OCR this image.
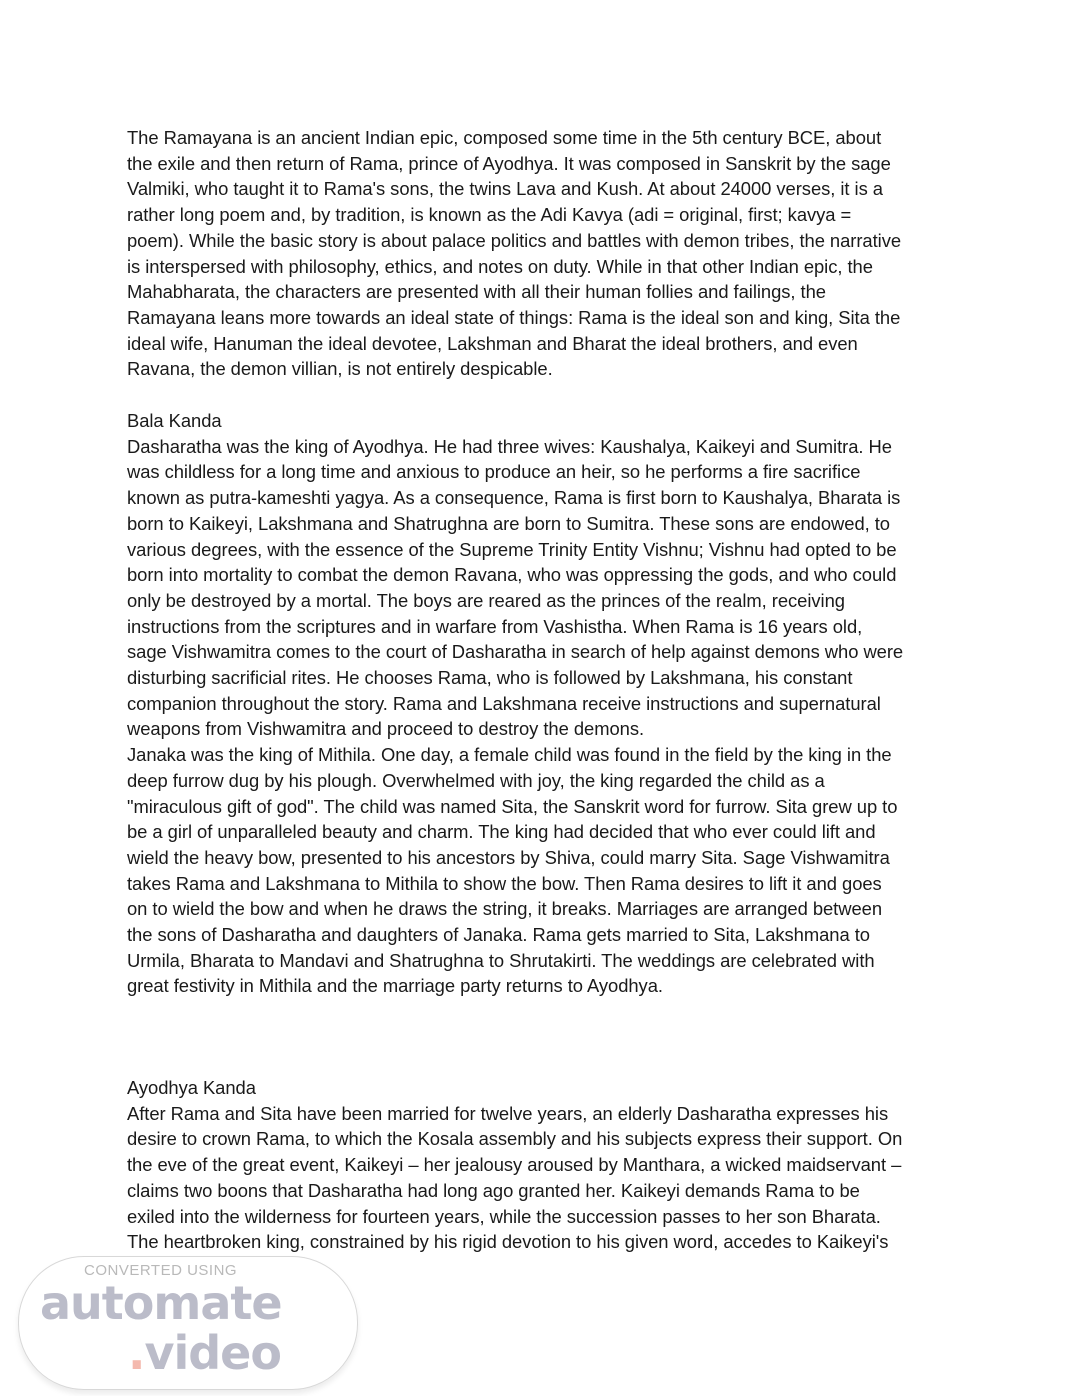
The Ramayana is an ancient Indian epic, composed some time in the 5th century BCE, about
the exile and then return of Rama, prince of Ayodhya. It was composed in Sanskrit by the sage
Valmiki, who taught it to Rama's sons, the twins Lava and Kush. At about 24000 verses, it is a
rather long poem and, by tradition, is known as the Adi Kavya (adi = original, first; kavya =
poem). While the basic story is about palace politics and battles with demon tribes, the narrative
is interspersed with philosophy, ethics, and notes on duty. While in that other Indian epic, the
Mahabharata, the characters are presented with all their human follies and failings, the
Ramayana leans more towards an ideal state of things: Rama is the ideal son and king, Sita the
ideal wife, Hanuman the ideal devotee, Lakshman and Bharat the ideal brothers, and even
Ravana, the demon villian, is not entirely despicable.
Bala Kanda
Dasharatha was the king of Ayodhya. He had three wives: Kaushalya, Kaikeyi and Sumitra. He
was childless for a long time and anxious to produce an heir, so he performs a fire sacrifice
known as putra-kameshti yagya. As a consequence, Rama is first born to Kaushalya, Bharata is
born to Kaikeyi, Lakshmana and Shatrughna are born to Sumitra. These sons are endowed, to
various degrees, with the essence of the Supreme Trinity Entity Vishnu; Vishnu had opted to be
born into mortality to combat the demon Ravana, who was oppressing the gods, and who could
only be destroyed by a mortal. The boys are reared as the princes of the realm, receiving
instructions from the scriptures and in warfare from Vashistha. When Rama is 16 years old,
sage Vishwamitra comes to the court of Dasharatha in search of help against demons who were
disturbing sacrificial rites. He chooses Rama, who is followed by Lakshmana, his constant
companion throughout the story. Rama and Lakshmana receive instructions and supernatural
weapons from Vishwamitra and proceed to destroy the demons.
Janaka was the king of Mithila. One day, a female child was found in the field by the king in the
deep furrow dug by his plough. Overwhelmed with joy, the king regarded the child as a
"miraculous gift of god". The child was named Sita, the Sanskrit word for furrow. Sita grew up to
be a girl of unparalleled beauty and charm. The king had decided that who ever could lift and
wield the heavy bow, presented to his ancestors by Shiva, could marry Sita. Sage Vishwamitra
takes Rama and Lakshmana to Mithila to show the bow. Then Rama desires to lift it and goes
on to wield the bow and when he draws the string, it breaks. Marriages are arranged between
the sons of Dasharatha and daughters of Janaka. Rama gets married to Sita, Lakshmana to
Urmila, Bharata to Mandavi and Shatrughna to Shrutakirti. The weddings are celebrated with
great festivity in Mithila and the marriage party returns to Ayodhya.
Ayodhya Kanda
After Rama and Sita have been married for twelve years, an elderly Dasharatha expresses his
desire to crown Rama, to which the Kosala assembly and his subjects express their support. On
the eve of the great event, Kaikeyi – her jealousy aroused by Manthara, a wicked maidservant –
claims two boons that Dasharatha had long ago granted her. Kaikeyi demands Rama to be
exiled into the wilderness for fourteen years, while the succession passes to her son Bharata.
The heartbroken king, constrained by his rigid devotion to his given word, accedes to Kaikeyi's
CONVERTED USING
automate
.video
